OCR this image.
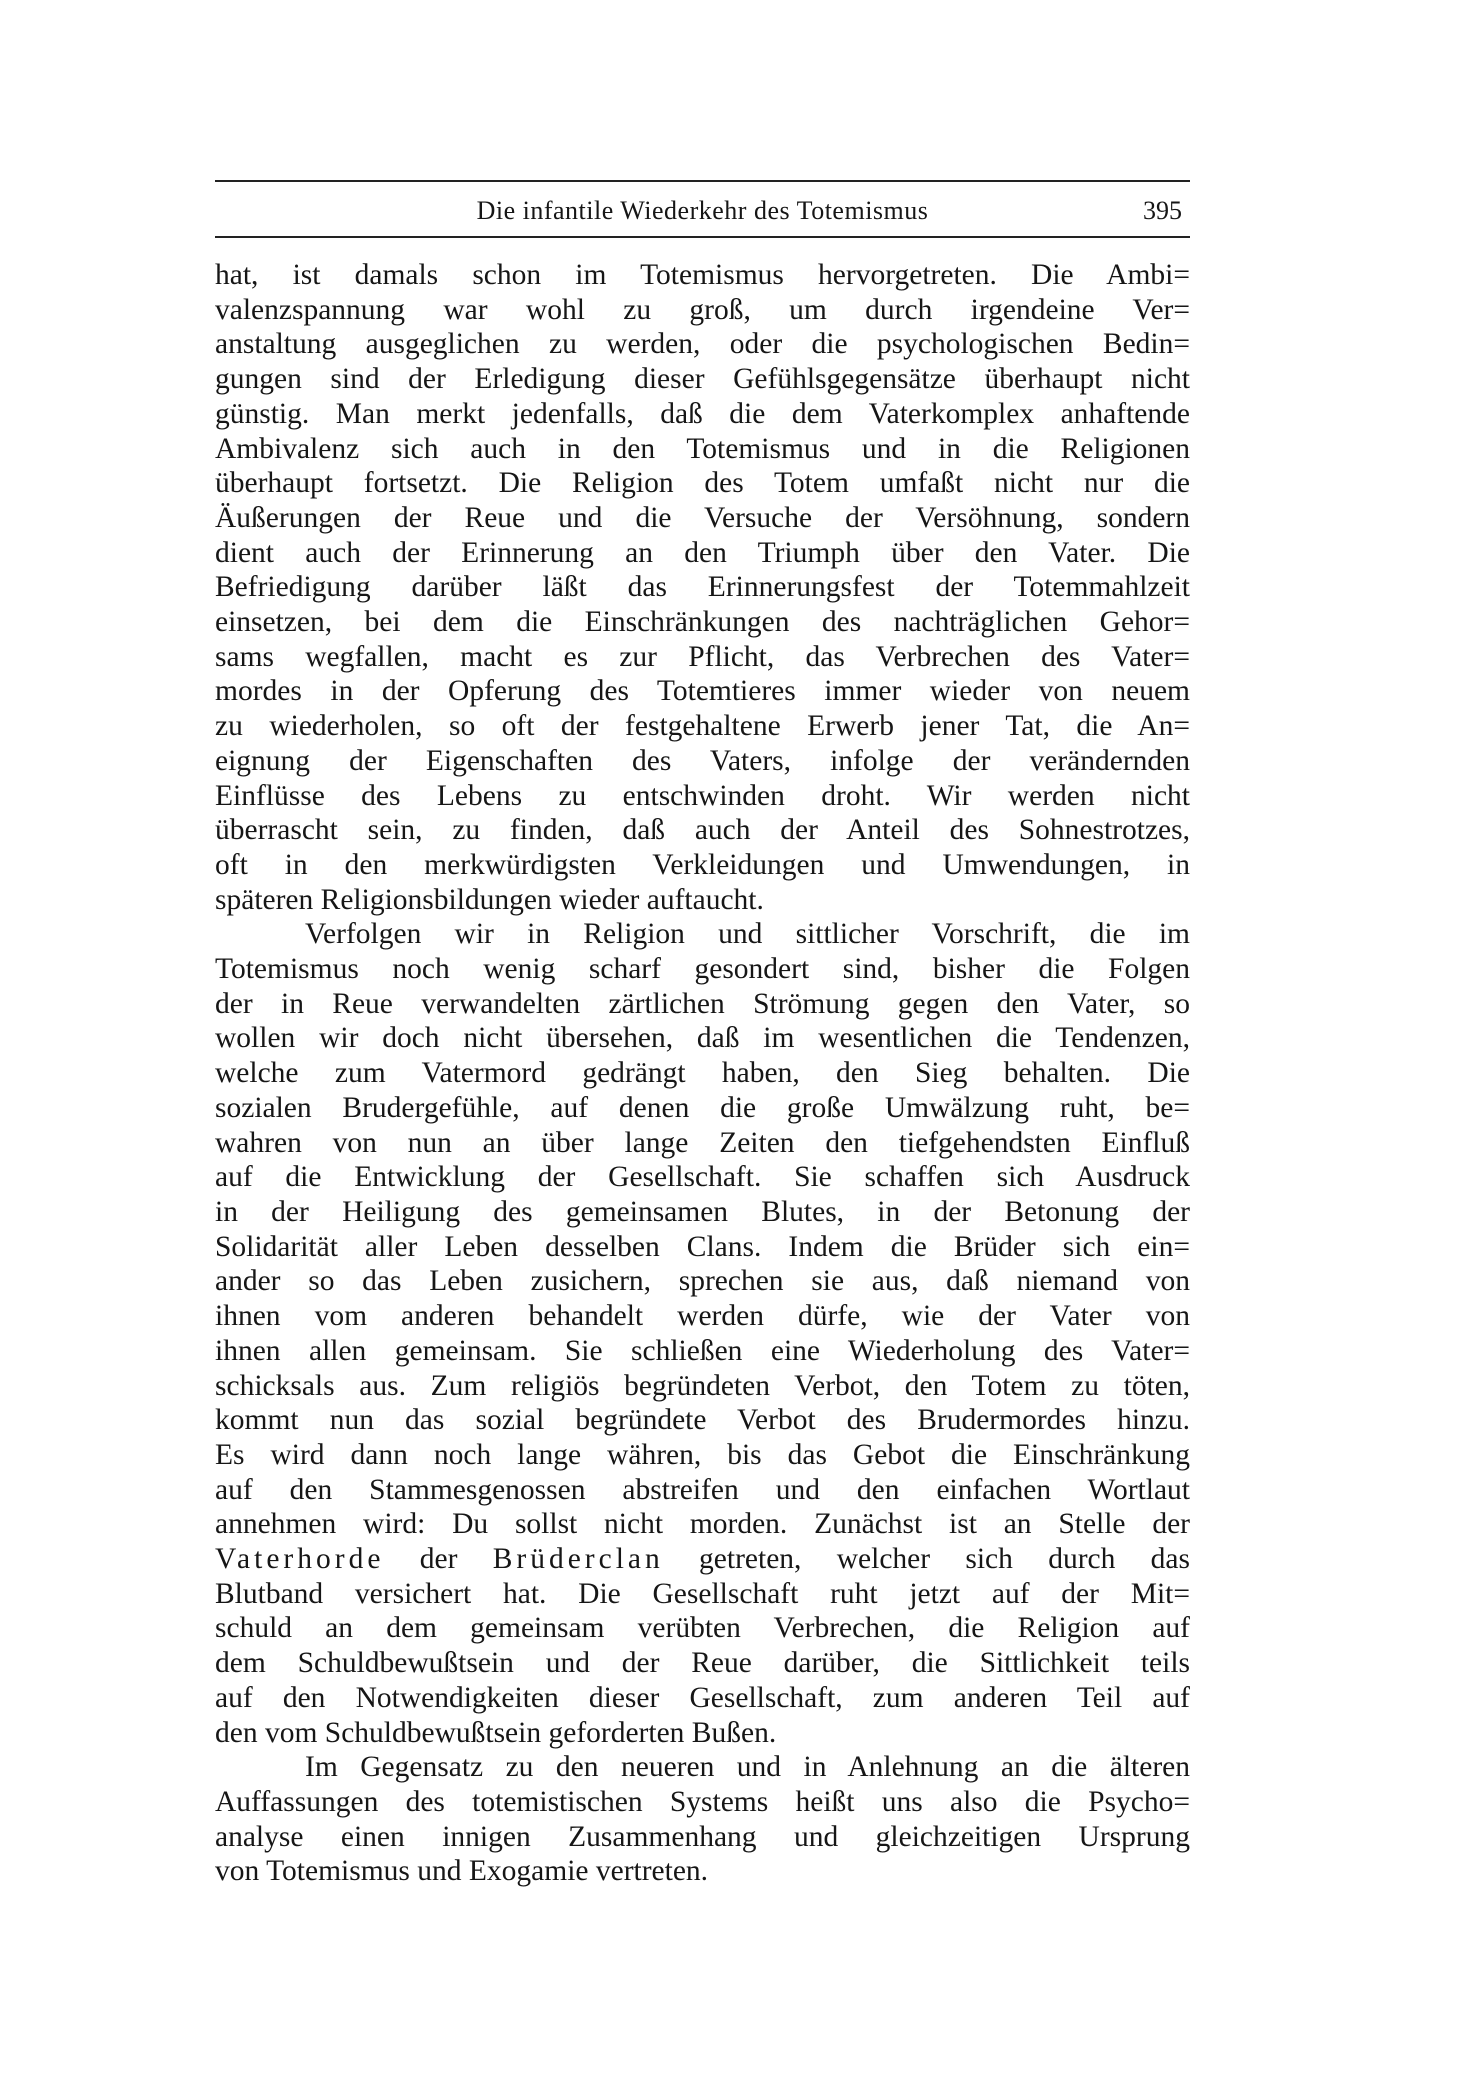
Die infantile Wiederkehr des Totemismus	395
hat, ist damals schon im Totemismus hervorgetreten. Die Ambi=
valenzspannung war wohl zu groß, um durch irgendeine Ver=
anstaltung ausgeglichen zu werden, oder die psychologischen Bedin=
gungen sind der Erledigung dieser Gefühlsgegensätze überhaupt nicht
günstig. Man merkt jedenfalls, daß die dem Vaterkomplex anhaftende
Ambivalenz sich auch in den Totemismus und in die Religionen
überhaupt fortsetzt. Die Religion des Totem umfaßt nicht nur die
Äußerungen der Reue und die Versuche der Versöhnung, sondern
dient auch der Erinnerung an den Triumph über den Vater. Die
Befriedigung darüber läßt das Erinnerungsfest der Totemmahlzeit
einsetzen, bei dem die Einschränkungen des nachträglichen Gehor=
sams wegfallen, macht es zur Pflicht, das Verbrechen des Vater=
mordes in der Opferung des Totemtieres immer wieder von neuem
zu wiederholen, so oft der festgehaltene Erwerb jener Tat, die An=
eignung der Eigenschaften des Vaters, infolge der verändernden
Einflüsse des Lebens zu entschwinden droht. Wir werden nicht
überrascht sein, zu finden, daß auch der Anteil des Sohnestrotzes,
oft in den merkwürdigsten Verkleidungen und Umwendungen, in
späteren Religionsbildungen wieder auftaucht.
Verfolgen wir in Religion und sittlicher Vorschrift, die im
Totemismus noch wenig scharf gesondert sind, bisher die Folgen
der in Reue verwandelten zärtlichen Strömung gegen den Vater, so
wollen wir doch nicht übersehen, daß im wesentlichen die Tendenzen,
welche zum Vatermord gedrängt haben, den Sieg behalten. Die
sozialen Brudergefühle, auf denen die große Umwälzung ruht, be=
wahren von nun an über lange Zeiten den tiefgehendsten Einfluß
auf die Entwicklung der Gesellschaft. Sie schaffen sich Ausdruck
in der Heiligung des gemeinsamen Blutes, in der Betonung der
Solidarität aller Leben desselben Clans. Indem die Brüder sich ein=
ander so das Leben zusichern, sprechen sie aus, daß niemand von
ihnen vom anderen behandelt werden dürfe, wie der Vater von
ihnen allen gemeinsam. Sie schließen eine Wiederholung des Vater=
schicksals aus. Zum religiös begründeten Verbot, den Totem zu töten,
kommt nun das sozial begründete Verbot des Brudermordes hinzu.
Es wird dann noch lange währen, bis das Gebot die Einschränkung
auf den Stammesgenossen abstreifen und den einfachen Wortlaut
annehmen wird: Du sollst nicht morden. Zunächst ist an Stelle der
Vaterhorde der Brüderclan getreten, welcher sich durch das
Blutband versichert hat. Die Gesellschaft ruht jetzt auf der Mit=
schuld an dem gemeinsam verübten Verbrechen, die Religion auf
dem Schuldbewußtsein und der Reue darüber, die Sittlichkeit teils
auf den Notwendigkeiten dieser Gesellschaft, zum anderen Teil auf
den vom Schuldbewußtsein geforderten Bußen.
Im Gegensatz zu den neueren und in Anlehnung an die älteren
Auffassungen des totemistischen Systems heißt uns also die Psycho=
analyse einen innigen Zusammenhang und gleichzeitigen Ursprung
von Totemismus und Exogamie vertreten.
